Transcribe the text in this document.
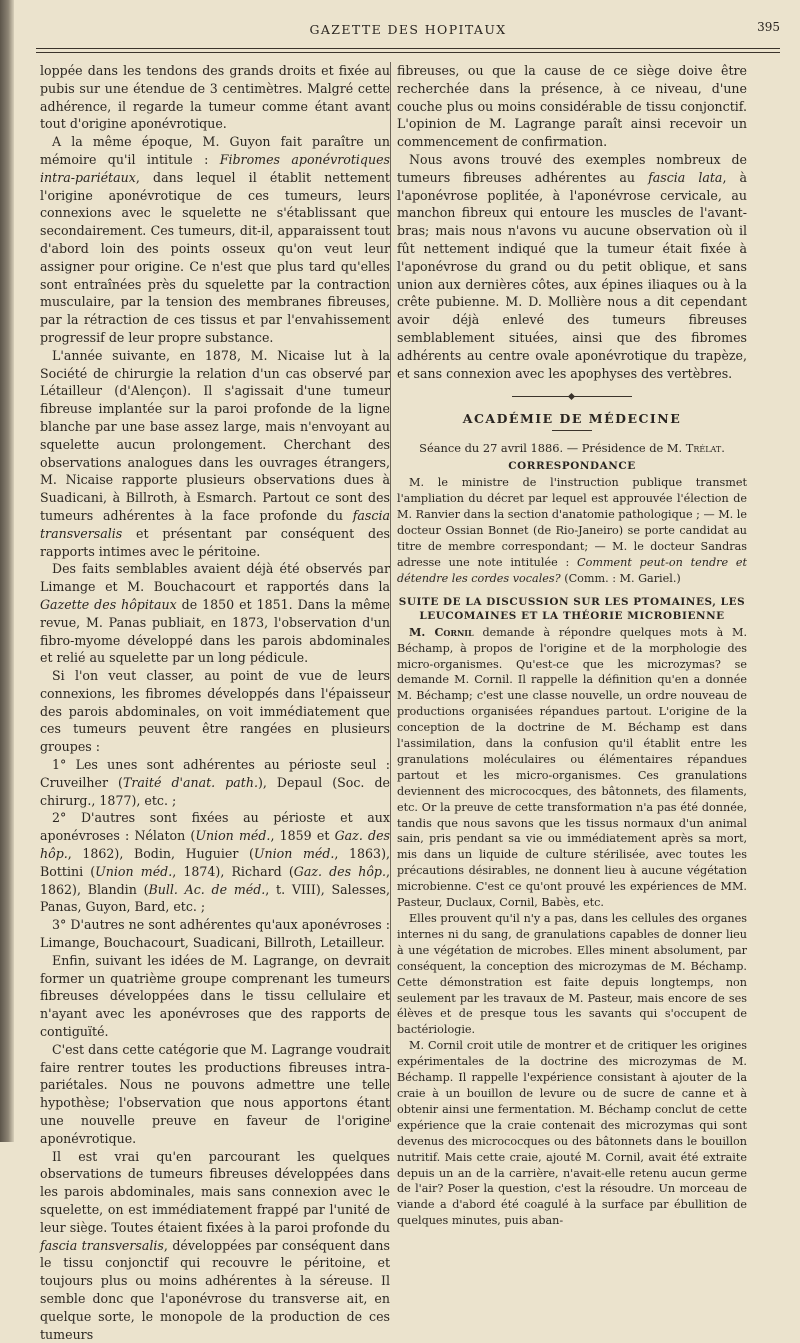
GAZETTE DES HOPITAUX	395

loppée dans les tendons des grands droits et fixée au pubis sur une étendue de 3 centimètres. Malgré cette adhérence, il regarde la tumeur comme étant avant tout d'origine aponévrotique.

A la même époque, M. Guyon fait paraître un mémoire qu'il intitule : Fibromes aponévrotiques intra-pariétaux, dans lequel il établit nettement l'origine aponévrotique de ces tumeurs, leurs connexions avec le squelette ne s'établissant que secondairement. Ces tumeurs, dit-il, apparaissent tout d'abord loin des points osseux qu'on veut leur assigner pour origine. Ce n'est que plus tard qu'elles sont entraînées près du squelette par la contraction musculaire, par la tension des membranes fibreuses, par la rétraction de ces tissus et par l'envahissement progressif de leur propre substance.

L'année suivante, en 1878, M. Nicaise lut à la Société de chirurgie la relation d'un cas observé par Létailleur (d'Alençon). Il s'agissait d'une tumeur fibreuse implantée sur la paroi profonde de la ligne blanche par une base assez large, mais n'envoyant au squelette aucun prolongement. Cherchant des observations analogues dans les ouvrages étrangers, M. Nicaise rapporte plusieurs observations dues à Suadicani, à Billroth, à Esmarch. Partout ce sont des tumeurs adhérentes à la face profonde du fascia transversalis et présentant par conséquent des rapports intimes avec le péritoine.

Des faits semblables avaient déjà été observés par Limange et M. Bouchacourt et rapportés dans la Gazette des hôpitaux de 1850 et 1851. Dans la même revue, M. Panas publiait, en 1873, l'observation d'un fibro-myome développé dans les parois abdominales et relié au squelette par un long pédicule.

Si l'on veut classer, au point de vue de leurs connexions, les fibromes développés dans l'épaisseur des parois abdominales, on voit immédiatement que ces tumeurs peuvent être rangées en plusieurs groupes :

1° Les unes sont adhérentes au périoste seul : Cruveilher (Traité d'anat. path.), Depaul (Soc. de chirurg., 1877), etc. ;

2° D'autres sont fixées au périoste et aux aponévroses : Nélaton (Union méd., 1859 et Gaz. des hôp., 1862), Bodin, Huguier (Union méd., 1863), Bottini (Union méd., 1874), Richard (Gaz. des hôp., 1862), Blandin (Bull. Ac. de méd., t. VIII), Salesses, Panas, Guyon, Bard, etc. ;

3° D'autres ne sont adhérentes qu'aux aponévroses : Limange, Bouchacourt, Suadicani, Billroth, Letailleur.

Enfin, suivant les idées de M. Lagrange, on devrait former un quatrième groupe comprenant les tumeurs fibreuses développées dans le tissu cellulaire et n'ayant avec les aponévroses que des rapports de contiguïté.

C'est dans cette catégorie que M. Lagrange voudrait faire rentrer toutes les productions fibreuses intra-pariétales. Nous ne pouvons admettre une telle hypothèse; l'observation que nous apportons étant une nouvelle preuve en faveur de l'origine aponévrotique.

Il est vrai qu'en parcourant les quelques observations de tumeurs fibreuses développées dans les parois abdominales, mais sans connexion avec le squelette, on est immédiatement frappé par l'unité de leur siège. Toutes étaient fixées à la paroi profonde du fascia transversalis, développées par conséquent dans le tissu conjonctif qui recouvre le péritoine, et toujours plus ou moins adhérentes à la séreuse. Il semble donc que l'aponévrose du transverse ait, en quelque sorte, le monopole de la production de ces tumeurs

fibreuses, ou que la cause de ce siège doive être recherchée dans la présence, à ce niveau, d'une couche plus ou moins considérable de tissu conjonctif. L'opinion de M. Lagrange paraît ainsi recevoir un commencement de confirmation.

Nous avons trouvé des exemples nombreux de tumeurs fibreuses adhérentes au fascia lata, à l'aponévrose poplitée, à l'aponévrose cervicale, au manchon fibreux qui entoure les muscles de l'avant-bras; mais nous n'avons vu aucune observation où il fût nettement indiqué que la tumeur était fixée à l'aponévrose du grand ou du petit oblique, et sans union aux dernières côtes, aux épines iliaques ou à la crête pubienne. M. D. Mollière nous a dit cependant avoir déjà enlevé des tumeurs fibreuses semblablement situées, ainsi que des fibromes adhérents au centre ovale aponévrotique du trapèze, et sans connexion avec les apophyses des vertèbres.

ACADÉMIE DE MÉDECINE
Séance du 27 avril 1886. — Présidence de M. Trélat.
CORRESPONDANCE

M. le ministre de l'instruction publique transmet l'ampliation du décret par lequel est approuvée l'élection de M. Ranvier dans la section d'anatomie pathologique ; — M. le docteur Ossian Bonnet (de Rio-Janeiro) se porte candidat au titre de membre correspondant; — M. le docteur Sandras adresse une note intitulée : Comment peut-on tendre et détendre les cordes vocales? (Comm. : M. Gariel.)

SUITE DE LA DISCUSSION SUR LES PTOMAINES, LES
LEUCOMAINES ET LA THÉORIE MICROBIENNE

M. Cornil demande à répondre quelques mots à M. Béchamp, à propos de l'origine et de la morphologie des micro-organismes. Qu'est-ce que les microzymas? se demande M. Cornil. Il rappelle la définition qu'en a donnée M. Béchamp; c'est une classe nouvelle, un ordre nouveau de productions organisées répandues partout. L'origine de la conception de la doctrine de M. Béchamp est dans l'assimilation, dans la confusion qu'il établit entre les granulations moléculaires ou élémentaires répandues partout et les micro-organismes. Ces granulations deviennent des micrococques, des bâtonnets, des filaments, etc. Or la preuve de cette transformation n'a pas été donnée, tandis que nous savons que les tissus normaux d'un animal sain, pris pendant sa vie ou immédiatement après sa mort, mis dans un liquide de culture stérilisée, avec toutes les précautions désirables, ne donnent lieu à aucune végétation microbienne. C'est ce qu'ont prouvé les expériences de MM. Pasteur, Duclaux, Cornil, Babès, etc.

Elles prouvent qu'il n'y a pas, dans les cellules des organes internes ni du sang, de granulations capables de donner lieu à une végétation de microbes. Elles minent absolument, par conséquent, la conception des microzymas de M. Béchamp. Cette démonstration est faite depuis longtemps, non seulement par les travaux de M. Pasteur, mais encore de ses élèves et de presque tous les savants qui s'occupent de bactériologie.

M. Cornil croit utile de montrer et de critiquer les origines expérimentales de la doctrine des microzymas de M. Béchamp. Il rappelle l'expérience consistant à ajouter de la craie à un bouillon de levure ou de sucre de canne et à obtenir ainsi une fermentation. M. Béchamp conclut de cette expérience que la craie contenait des microzymas qui sont devenus des micrococques ou des bâtonnets dans le bouillon nutritif. Mais cette craie, ajouté M. Cornil, avait été extraite depuis un an de la carrière, n'avait-elle retenu aucun germe de l'air? Poser la question, c'est la résoudre. Un morceau de viande a d'abord été coagulé à la surface par ébullition de quelques minutes, puis aban-
